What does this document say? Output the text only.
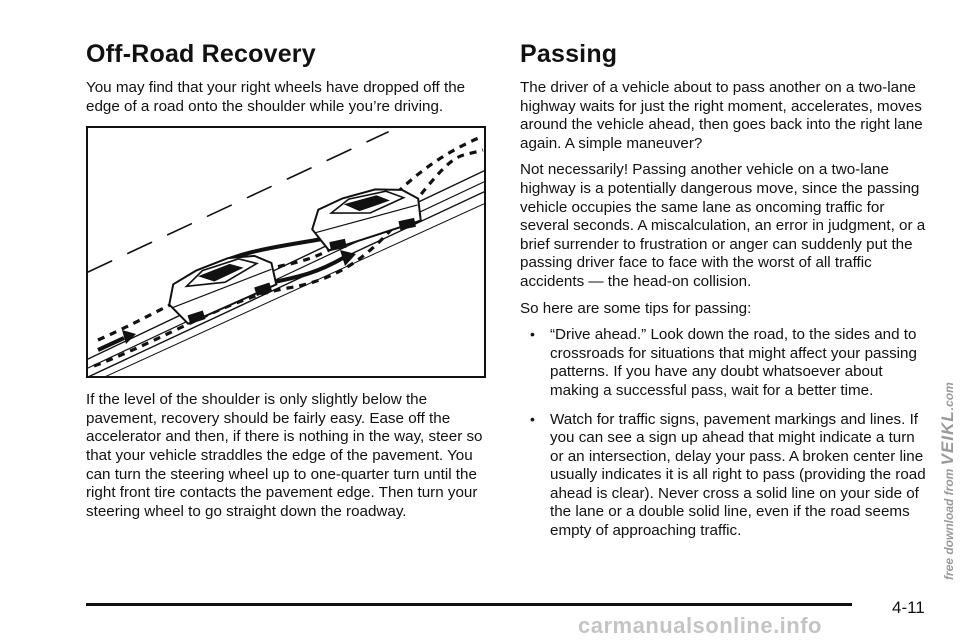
Off-Road Recovery

You may find that your right wheels have dropped off the edge of a road onto the shoulder while you’re driving.

If the level of the shoulder is only slightly below the pavement, recovery should be fairly easy. Ease off the accelerator and then, if there is nothing in the way, steer so that your vehicle straddles the edge of the pavement. You can turn the steering wheel up to one-quarter turn until the right front tire contacts the pavement edge. Then turn your steering wheel to go straight down the roadway.

Passing

The driver of a vehicle about to pass another on a two-lane highway waits for just the right moment, accelerates, moves around the vehicle ahead, then goes back into the right lane again. A simple maneuver?

Not necessarily! Passing another vehicle on a two-lane highway is a potentially dangerous move, since the passing vehicle occupies the same lane as oncoming traffic for several seconds. A miscalculation, an error in judgment, or a brief surrender to frustration or anger can suddenly put the passing driver face to face with the worst of all traffic accidents — the head-on collision.

So here are some tips for passing:

• “Drive ahead.” Look down the road, to the sides and to crossroads for situations that might affect your passing patterns. If you have any doubt whatsoever about making a successful pass, wait for a better time.
• Watch for traffic signs, pavement markings and lines. If you can see a sign up ahead that might indicate a turn or an intersection, delay your pass. A broken center line usually indicates it is all right to pass (providing the road ahead is clear). Never cross a solid line on your side of the lane or a double solid line, even if the road seems empty of approaching traffic.
4-11
free download from VEIKL.com
carmanualsonline.info
